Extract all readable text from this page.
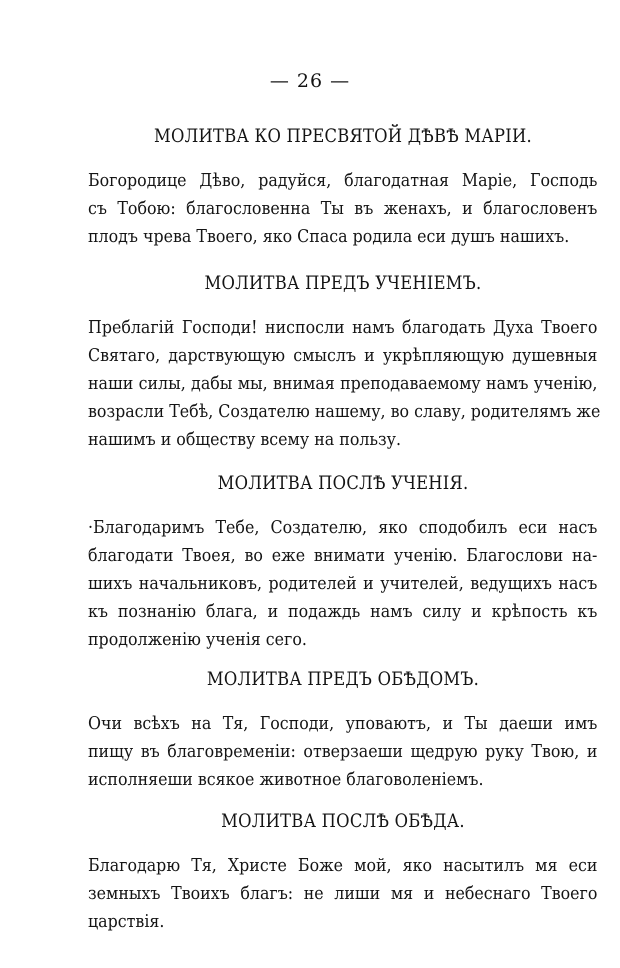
— 26 —
МОЛИТВА КО ПРЕСВЯТОЙ ДѢВѢ МАРІИ.

Богородице Дѣво, радуйся, благодатная Маріе, Господь
съ Тобою: благословенна Ты въ женахъ, и благословенъ
плодъ чрева Твоего, яко Спаса родила еси душъ нашихъ.

МОЛИТВА ПРЕДЪ УЧЕНІЕМЪ.

Преблагій Господи! ниспосли намъ благодать Духа Твоего
Святаго, дарствующую смыслъ и укрѣпляющую душевныя
наши силы, дабы мы, внимая преподаваемому намъ ученію,
возрасли Тебѣ, Создателю нашему, во славу, родителямъ же
нашимъ и обществу всему на пользу.

МОЛИТВА ПОСЛѢ УЧЕНІЯ.

·Благодаримъ Тебе, Создателю, яко сподобилъ еси насъ
благодати Твоея, во еже внимати ученію. Благослови на-
шихъ начальниковъ, родителей и учителей, ведущихъ насъ
къ познанію блага, и подаждь намъ силу и крѣпость къ
продолженію ученія сего.

МОЛИТВА ПРЕДЪ ОБѢДОМЪ.

Очи всѣхъ на Тя, Господи, уповаютъ, и Ты даеши имъ
пищу въ благовременіи: отверзаеши щедрую руку Твою, и
исполняеши всякое животное благоволеніемъ.

МОЛИТВА ПОСЛѢ ОБѢДА.

Благодарю Тя, Христе Боже мой, яко насытилъ мя еси
земныхъ Твоихъ благъ: не лиши мя и небеснаго Твоего
царствія.
